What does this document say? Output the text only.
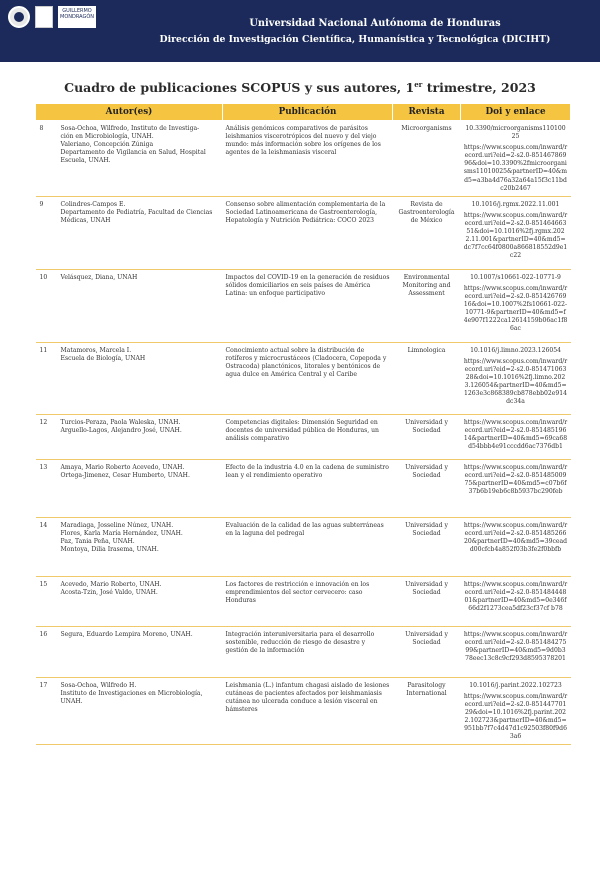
GUILLERMO MONDRAGÓN
Universidad Nacional Autónoma de Honduras
Dirección de Investigación Científica, Humanística y Tecnológica (DICIHT)
Cuadro de publicaciones SCOPUS y sus autores, 1er trimestre, 2023
Autor(es)		Publicación	Revista	Doi y enlace
8	Sosa-Ochoa, Wilfredo, Instituto de Investiga-
ción en Microbiología, UNAH.
Valeriano, Concepción Zúniga
Departamento de Vigilancia en Salud, Hospital Escuela, UNAH.	Análisis genómicos comparativos de parásitos leishmanios viscerotrópicos del nuevo y del viejo mundo: más información sobre los orígenes de los agentes de la leishmaniasis visceral	Microorganisms	10.3390/microorganisms11010025
https://www.scopus.com/inward/record.uri?eid=2-s2.0-85146786996&doi=10.3390%2fmicroorganisms11010025&partnerID=40&md5=a3ba4d76a32a64a15f3c11bdc20b2467

9	Colindres-Campos E.
Departamento de Pediatría, Facultad de Ciencias Médicas, UNAH	Consenso sobre alimentación complementaria de la Sociedad Latinoamericana de Gastroenterología, Hepatología y Nutrición Pediátrica: COCO 2023	Revista de Gastroenterología de México	10.1016/j.rgmx.2022.11.001
https://www.scopus.com/inward/record.uri?eid=2-s2.0-85146466351&doi=10.1016%2fj.rgmx.2022.11.001&partnerID=40&md5=dc7f7cc64f0800a866818552d9e1c22

10	Velásquez, Diana, UNAH	Impactos del COVID-19 en la generación de residuos sólidos domiciliarios en seis países de América Latina: un enfoque participativo	Environmental Monitoring and Assessment	10.1007/s10661-022-10771-9
https://www.scopus.com/inward/record.uri?eid=2-s2.0-85142676916&doi=10.1007%2fs10661-022-10771-9&partnerID=40&md5=f4e907f1222ca12614159b06ac1f86ac

11	Matamoros, Marcela I.
Escuela de Biología, UNAH	Conocimiento actual sobre la distribución de rotíferos y microcrustáceos (Cladocera, Copepoda y Ostracoda) planctónicos, litorales y bentónicos de agua dulce en América Central y el Caribe	Limnologica	10.1016/j.limno.2023.126054
https://www.scopus.com/inward/record.uri?eid=2-s2.0-85147106328&doi=10.1016%2fj.limno.2023.126054&partnerID=40&md5=1263e3c868389cb878ebb02e914dc34a

12	Turcios-Peraza, Paola Waleska, UNAH.
Arguello-Lagos, Alejandro José, UNAH.	Competencias digitales: Dimensión Seguridad en docentes de universidad pública de Honduras, un análisis comparativo	Universidad y Sociedad	https://www.scopus.com/inward/record.uri?eid=2-s2.0-85148519614&partnerID=40&md5=69ca68d54bbb4e91cccdd6ac7376db1

13	Amaya, Mario Roberto Acevedo, UNAH.
Ortega-Jimenez, Cesar Humberto, UNAH.	Efecto de la industria 4.0 en la cadena de suministro lean y el rendimiento operativo	Universidad y Sociedad	https://www.scopus.com/inward/record.uri?eid=2-s2.0-85148500975&partnerID=40&md5=c07b6f37b6b19eb6c8b5937bc290feb

14	Maradiaga, Josseline Núnez, UNAH.
Flores, Karla María Hernández, UNAH.
Paz, Tania Peña, UNAH.
Montoya, Dilia Irasema, UNAH.	Evaluación de la calidad de las aguas subterráneas en la laguna del pedregal	Universidad y Sociedad	https://www.scopus.com/inward/record.uri?eid=2-s2.0-85148526620&partnerID=40&md5=39ceadd00cfcb4a852f03b3fe2f0bbfb

15	Acevedo, Mario Roberto, UNAH.
Acosta-Tzin, José Valdo, UNAH.	Los factores de restricción e innovación en los emprendimientos del sector cervecero: caso Honduras	Universidad y Sociedad	https://www.scopus.com/inward/record.uri?eid=2-s2.0-85148444801&partnerID=40&md5=0e346f66d2f1273cea5df23cf37cf b78

16	Segura, Eduardo Lempira Moreno, UNAH.	Integración interuniversitaria para el desarrollo sostenible, reducción de riesgo de desastre y gestión de la información	Universidad y Sociedad	https://www.scopus.com/inward/record.uri?eid=2-s2.0-85148427599&partnerID=40&md5=9d0b378eec13c8c9cf293d8595378201

17	Sosa-Ochoa, Wilfredo H.
Instituto de Investigaciones en Microbiología, UNAH.	Leishmania (L.) infantum chagasi aislado de lesiones cutáneas de pacientes afectados por leishmaniasis cutánea no ulcerada conduce a lesión visceral en hámsteres	Parasitology International	10.1016/j.parint.2022.102723
https://www.scopus.com/inward/record.uri?eid=2-s2.0-85144770129&doi=10.1016%2fj.parint.2022.102723&partnerID=40&md5=951bb7f7c4d47d1c92503f80f9d63a6
